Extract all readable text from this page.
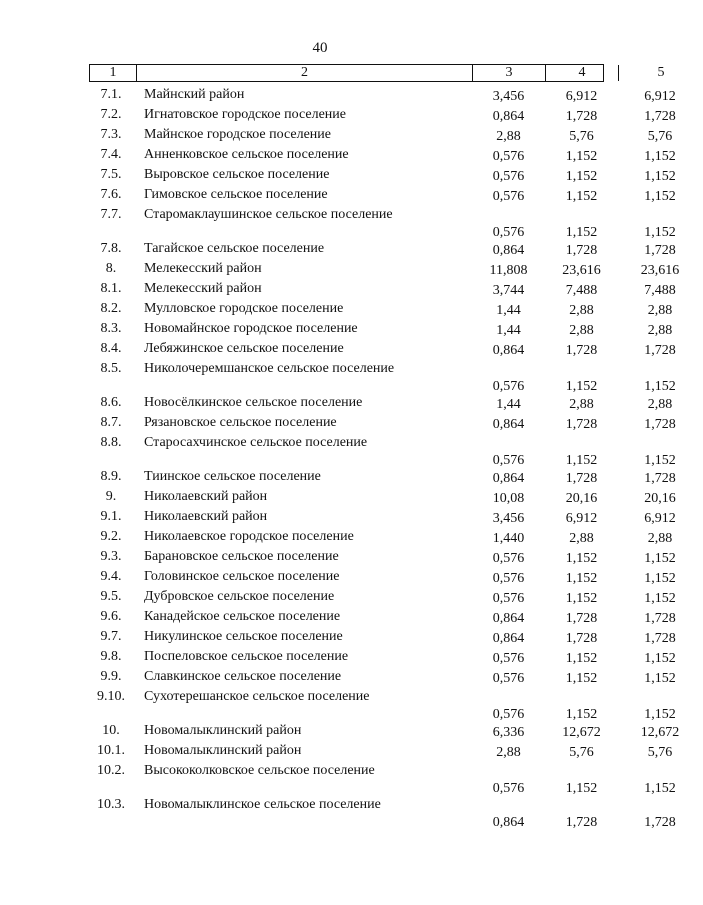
40
1	2	3	4	5
7.1.	Майнский район	3,456	6,912	6,912
7.2.	Игнатовское городское поселение	0,864	1,728	1,728
7.3.	Майнское городское поселение	2,88	5,76	5,76
7.4.	Анненковское сельское поселение	0,576	1,152	1,152
7.5.	Выровское сельское поселение	0,576	1,152	1,152
7.6.	Гимовское сельское поселение	0,576	1,152	1,152
7.7.	Старомаклаушинское сельское поселение
0,576	1,152	1,152
7.8.	Тагайское сельское поселение	0,864	1,728	1,728
8.	Мелекесский район	11,808	23,616	23,616
8.1.	Мелекесский район	3,744	7,488	7,488
8.2.	Мулловское городское поселение	1,44	2,88	2,88
8.3.	Новомайнское городское поселение	1,44	2,88	2,88
8.4.	Лебяжинское сельское поселение	0,864	1,728	1,728
8.5.	Николочеремшанское сельское поселение
0,576	1,152	1,152
8.6.	Новосёлкинское сельское поселение	1,44	2,88	2,88
8.7.	Рязановское сельское поселение	0,864	1,728	1,728
8.8.	Старосахчинское сельское поселение
0,576	1,152	1,152
8.9.	Тиинское сельское поселение	0,864	1,728	1,728
9.	Николаевский район	10,08	20,16	20,16
9.1.	Николаевский район	3,456	6,912	6,912
9.2.	Николаевское городское поселение	1,440	2,88	2,88
9.3.	Барановское сельское поселение	0,576	1,152	1,152
9.4.	Головинское сельское поселение	0,576	1,152	1,152
9.5.	Дубровское сельское поселение	0,576	1,152	1,152
9.6.	Канадейское сельское поселение	0,864	1,728	1,728
9.7.	Никулинское сельское поселение	0,864	1,728	1,728
9.8.	Поспеловское сельское поселение	0,576	1,152	1,152
9.9.	Славкинское сельское поселение	0,576	1,152	1,152
9.10.	Сухотерешанское сельское поселение
0,576	1,152	1,152
10.	Новомалыклинский район	6,336	12,672	12,672
10.1.	Новомалыклинский район	2,88	5,76	5,76
10.2.	Высококолковское сельское поселение
0,576	1,152	1,152
10.3.	Новомалыклинское сельское поселение
0,864	1,728	1,728
